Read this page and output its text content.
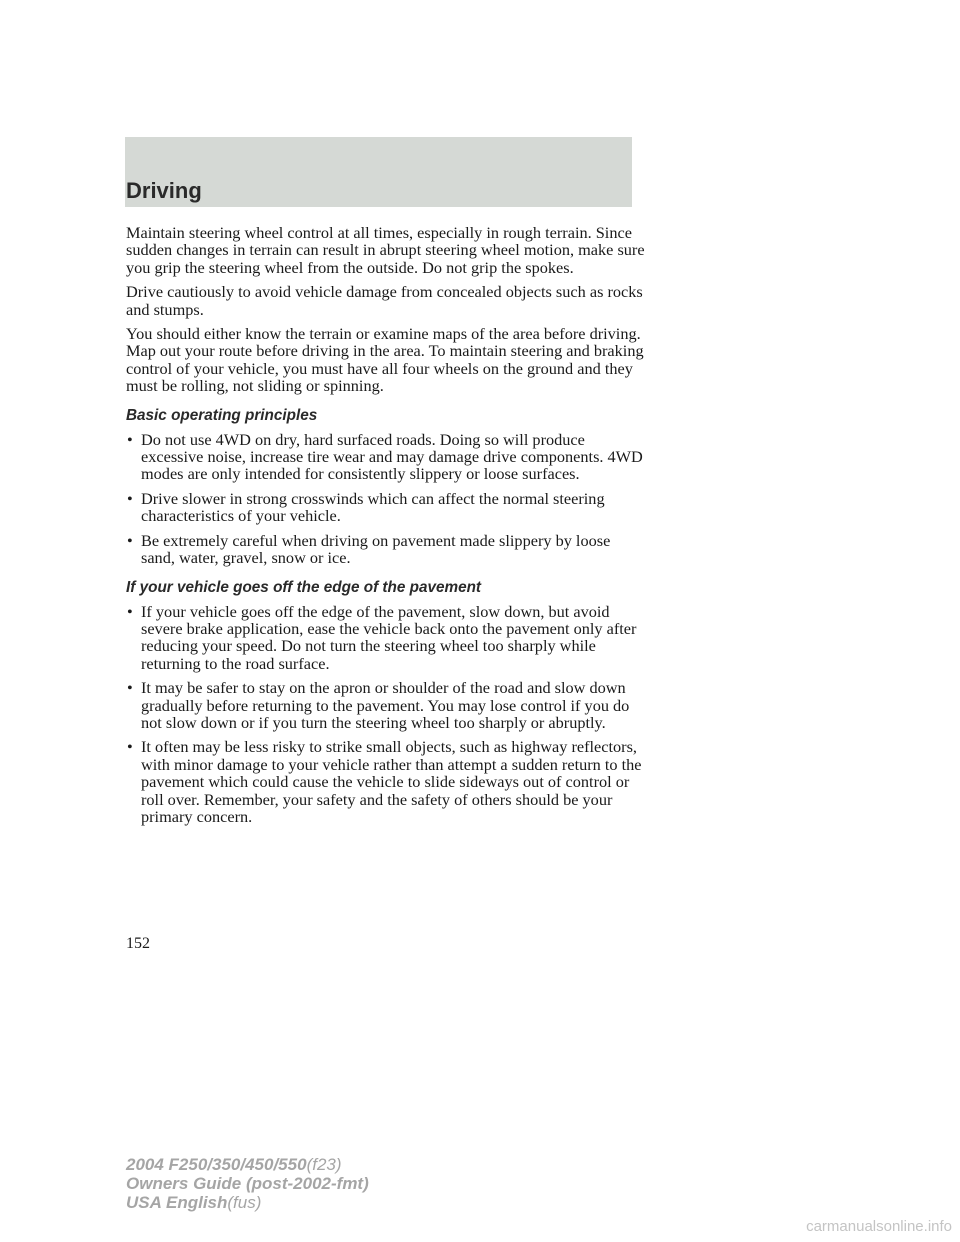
Driving

Maintain steering wheel control at all times, especially in rough terrain. Since sudden changes in terrain can result in abrupt steering wheel motion, make sure you grip the steering wheel from the outside. Do not grip the spokes.

Drive cautiously to avoid vehicle damage from concealed objects such as rocks and stumps.

You should either know the terrain or examine maps of the area before driving. Map out your route before driving in the area. To maintain steering and braking control of your vehicle, you must have all four wheels on the ground and they must be rolling, not sliding or spinning.

Basic operating principles
• Do not use 4WD on dry, hard surfaced roads. Doing so will produce excessive noise, increase tire wear and may damage drive components. 4WD modes are only intended for consistently slippery or loose surfaces.
• Drive slower in strong crosswinds which can affect the normal steering characteristics of your vehicle.
• Be extremely careful when driving on pavement made slippery by loose sand, water, gravel, snow or ice.
If your vehicle goes off the edge of the pavement
• If your vehicle goes off the edge of the pavement, slow down, but avoid severe brake application, ease the vehicle back onto the pavement only after reducing your speed. Do not turn the steering wheel too sharply while returning to the road surface.
• It may be safer to stay on the apron or shoulder of the road and slow down gradually before returning to the pavement. You may lose control if you do not slow down or if you turn the steering wheel too sharply or abruptly.
• It often may be less risky to strike small objects, such as highway reflectors, with minor damage to your vehicle rather than attempt a sudden return to the pavement which could cause the vehicle to slide sideways out of control or roll over. Remember, your safety and the safety of others should be your primary concern.
152
2004 F250/350/450/550(f23)
Owners Guide (post-2002-fmt)
USA English(fus)
carmanualsonline.info
